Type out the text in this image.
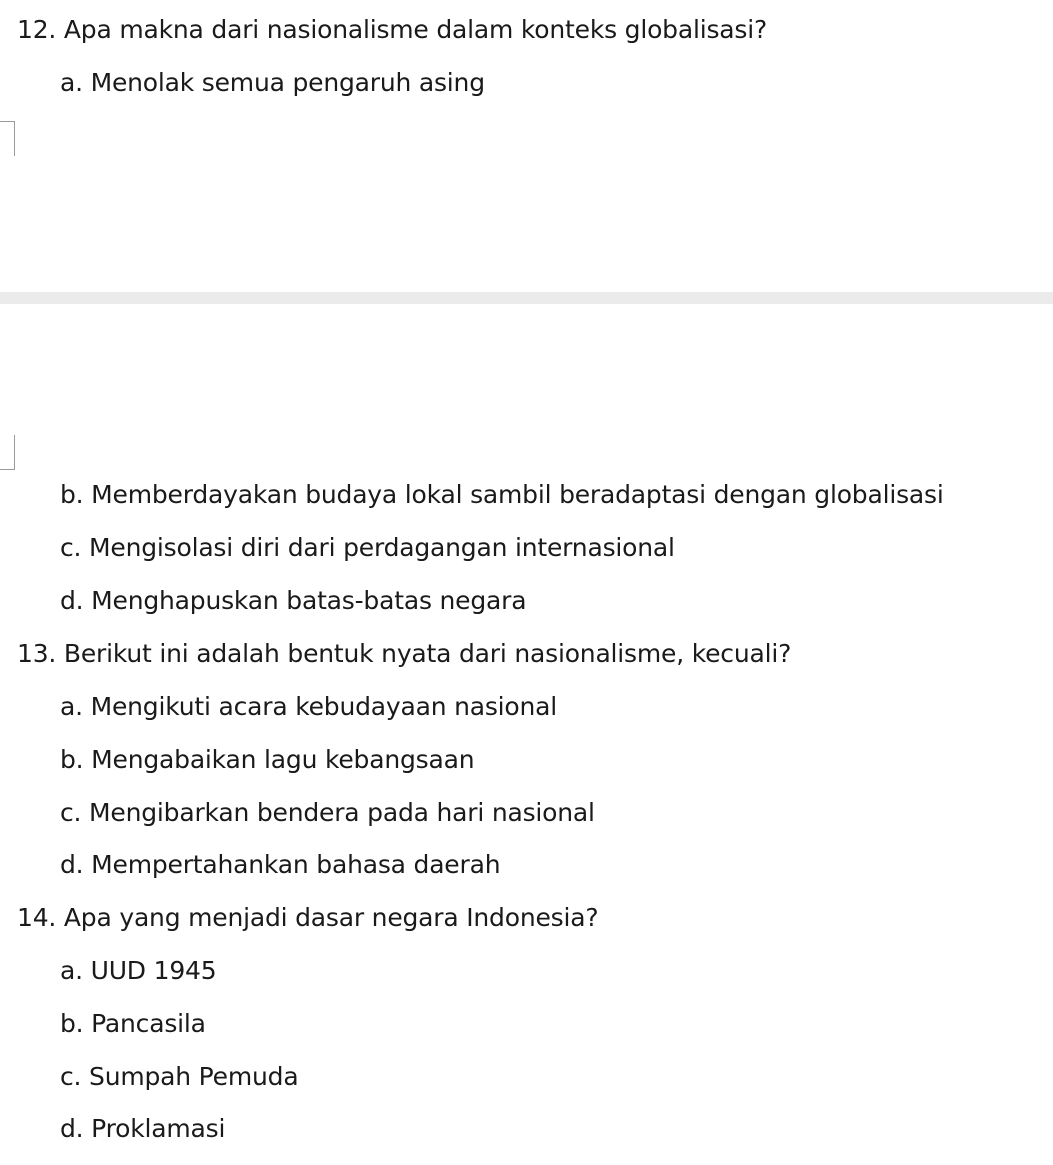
12. Apa makna dari nasionalisme dalam konteks globalisasi?
a. Menolak semua pengaruh asing
b. Memberdayakan budaya lokal sambil beradaptasi dengan globalisasi
c. Mengisolasi diri dari perdagangan internasional
d. Menghapuskan batas-batas negara
13. Berikut ini adalah bentuk nyata dari nasionalisme, kecuali?
a. Mengikuti acara kebudayaan nasional
b. Mengabaikan lagu kebangsaan
c. Mengibarkan bendera pada hari nasional
d. Mempertahankan bahasa daerah
14. Apa yang menjadi dasar negara Indonesia?
a. UUD 1945
b. Pancasila
c. Sumpah Pemuda
d. Proklamasi
